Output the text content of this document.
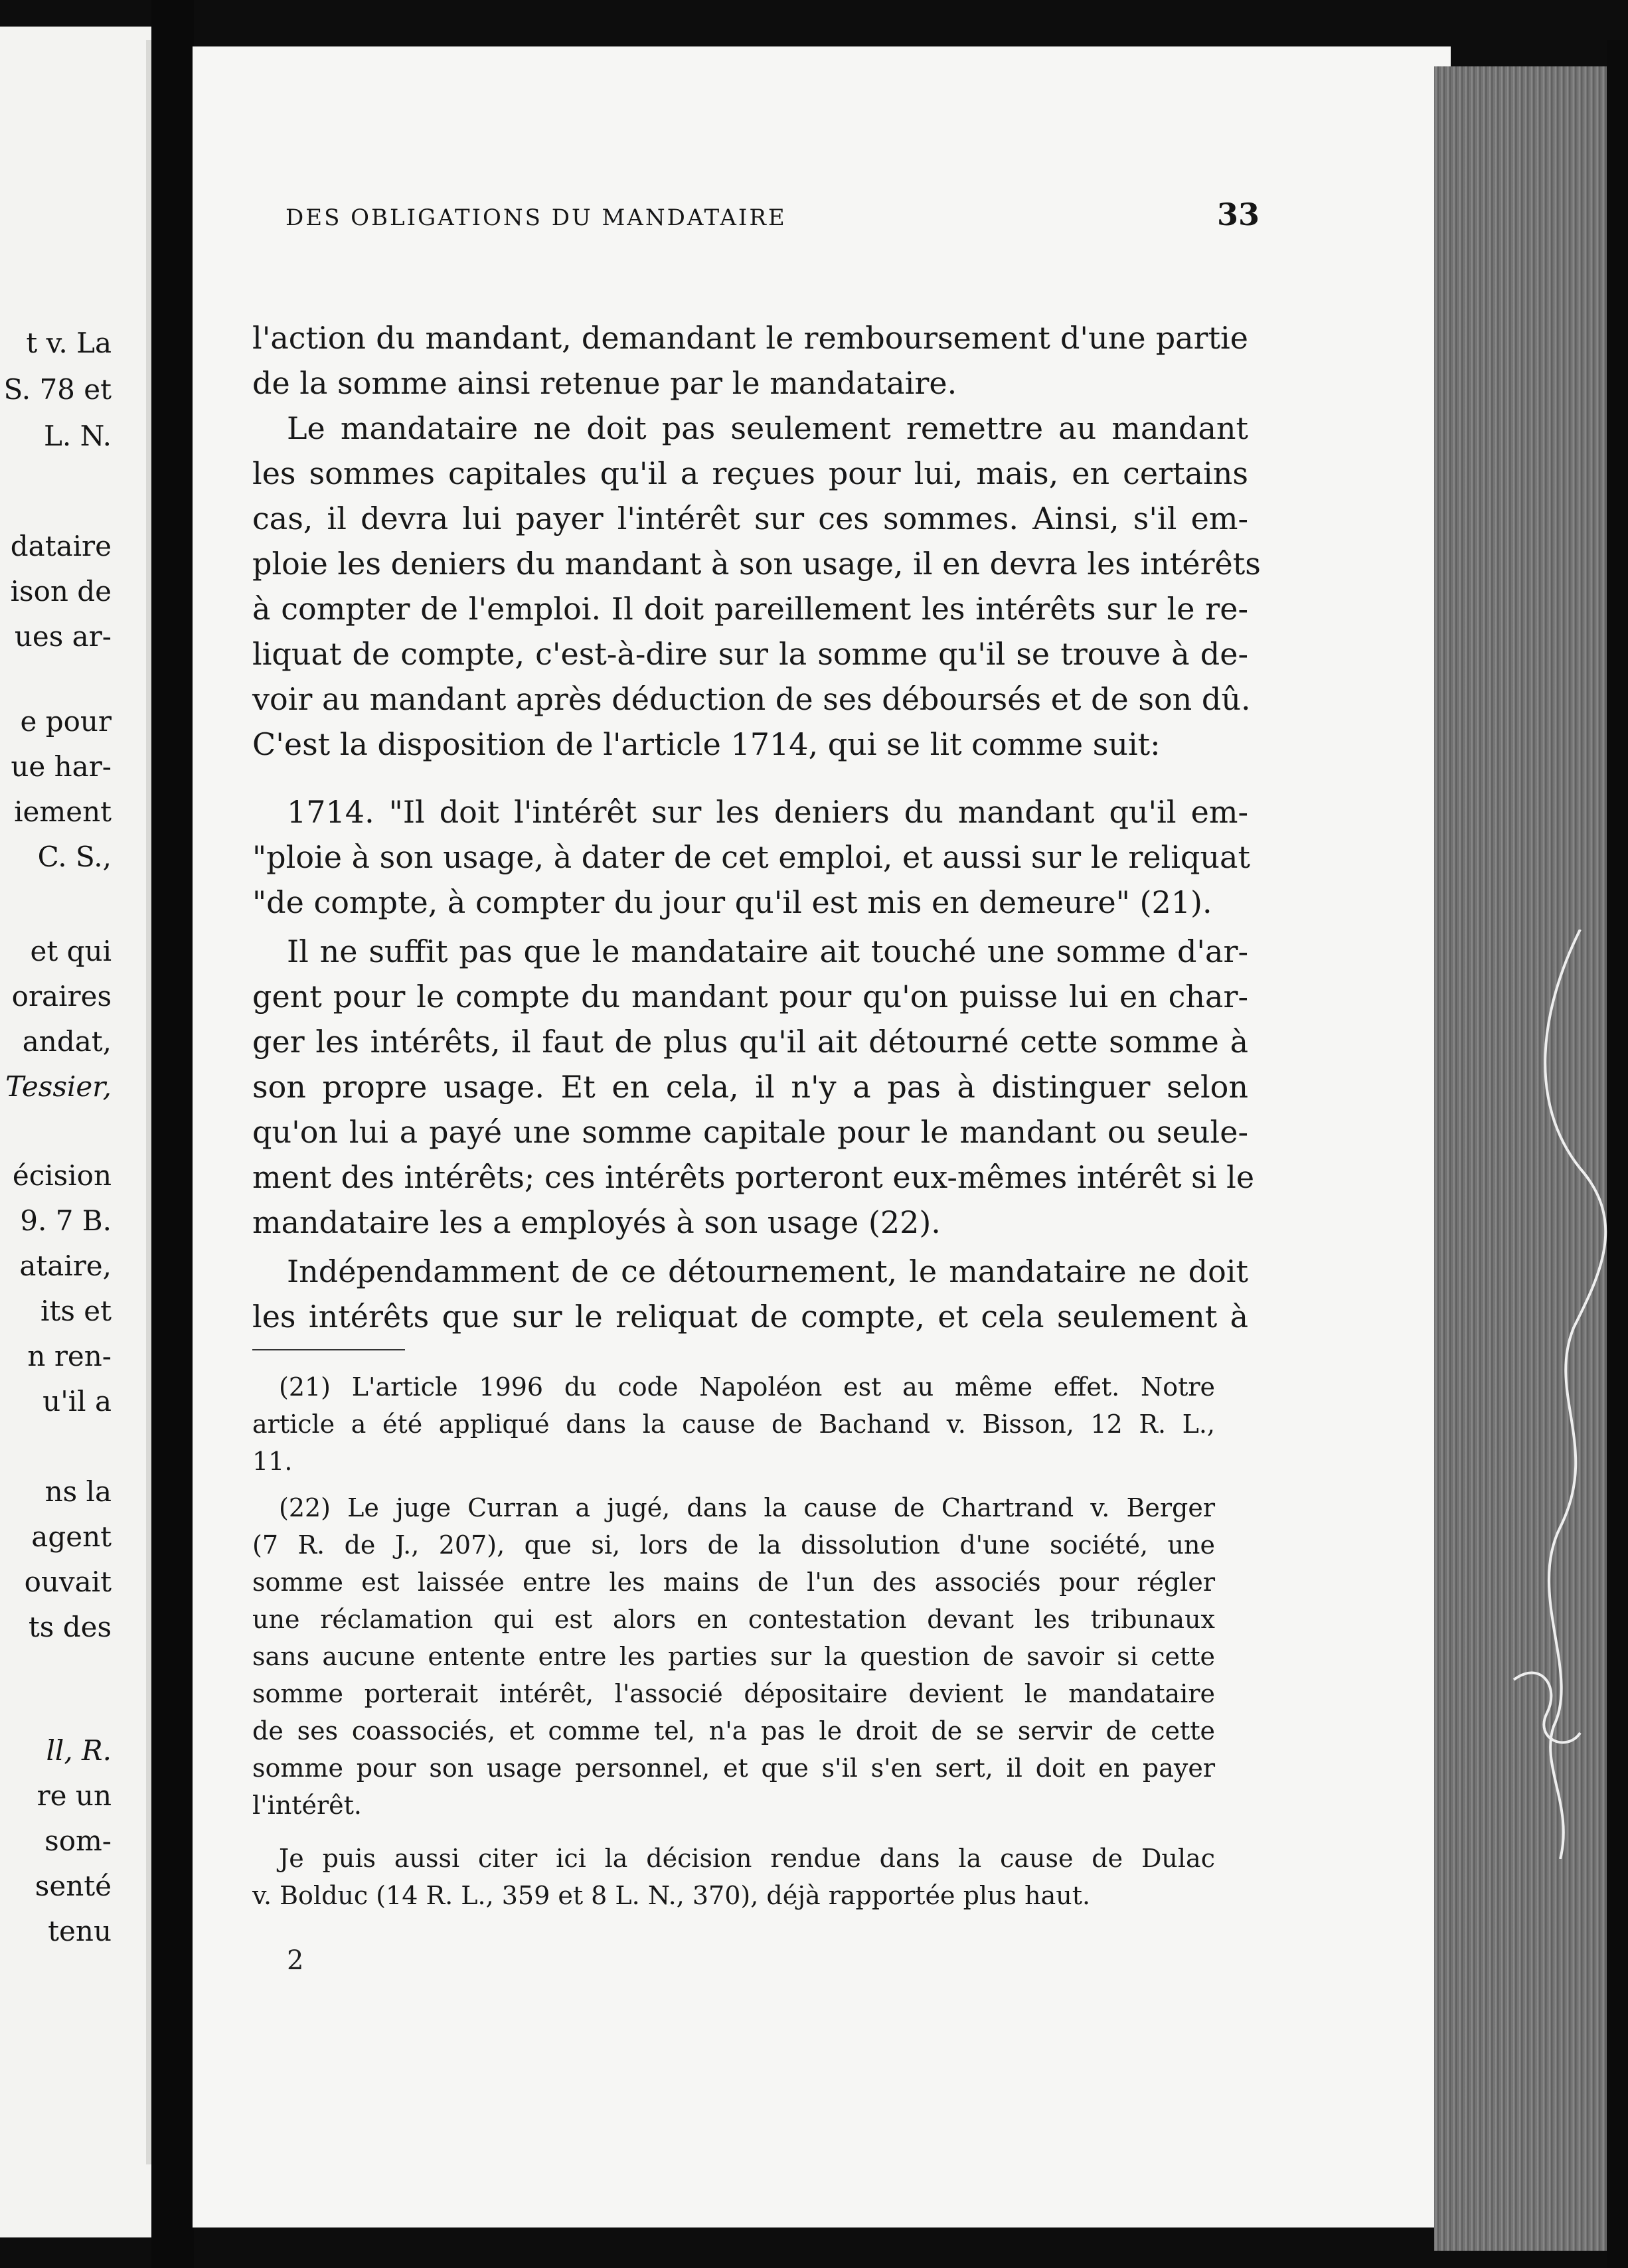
t v. La
S. 78 et
L. N.
dataire
ison de
ues ar-
e pour
ue har-
iement
C. S.,
et qui
oraires
andat,
Tessier,
écision
9. 7 B.
ataire,
its et
n ren-
u'il a
ns la
agent
ouvait
ts des
ll, R.
re un
som-
senté
tenu
DES OBLIGATIONS DU MANDATAIRE	33
l'action du mandant, demandant le remboursement d'une partie
de la somme ainsi retenue par le mandataire.
Le mandataire ne doit pas seulement remettre au mandant
les sommes capitales qu'il a reçues pour lui, mais, en certains
cas, il devra lui payer l'intérêt sur ces sommes. Ainsi, s'il em-
ploie les deniers du mandant à son usage, il en devra les intérêts
à compter de l'emploi. Il doit pareillement les intérêts sur le re-
liquat de compte, c'est-à-dire sur la somme qu'il se trouve à de-
voir au mandant après déduction de ses déboursés et de son dû.
C'est la disposition de l'article 1714, qui se lit comme suit:
1714. "Il doit l'intérêt sur les deniers du mandant qu'il em-
"ploie à son usage, à dater de cet emploi, et aussi sur le reliquat
"de compte, à compter du jour qu'il est mis en demeure" (21).
Il ne suffit pas que le mandataire ait touché une somme d'ar-
gent pour le compte du mandant pour qu'on puisse lui en char-
ger les intérêts, il faut de plus qu'il ait détourné cette somme à
son propre usage. Et en cela, il n'y a pas à distinguer selon
qu'on lui a payé une somme capitale pour le mandant ou seule-
ment des intérêts; ces intérêts porteront eux-mêmes intérêt si le
mandataire les a employés à son usage (22).
Indépendamment de ce détournement, le mandataire ne doit
les intérêts que sur le reliquat de compte, et cela seulement à
(21) L'article 1996 du code Napoléon est au même effet. Notre
article a été appliqué dans la cause de Bachand v. Bisson, 12 R. L.,
11.
(22) Le juge Curran a jugé, dans la cause de Chartrand v. Berger
(7 R. de J., 207), que si, lors de la dissolution d'une société, une
somme est laissée entre les mains de l'un des associés pour régler
une réclamation qui est alors en contestation devant les tribunaux
sans aucune entente entre les parties sur la question de savoir si cette
somme porterait intérêt, l'associé dépositaire devient le mandataire
de ses coassociés, et comme tel, n'a pas le droit de se servir de cette
somme pour son usage personnel, et que s'il s'en sert, il doit en payer
l'intérêt.
Je puis aussi citer ici la décision rendue dans la cause de Dulac
v. Bolduc (14 R. L., 359 et 8 L. N., 370), déjà rapportée plus haut.
2
